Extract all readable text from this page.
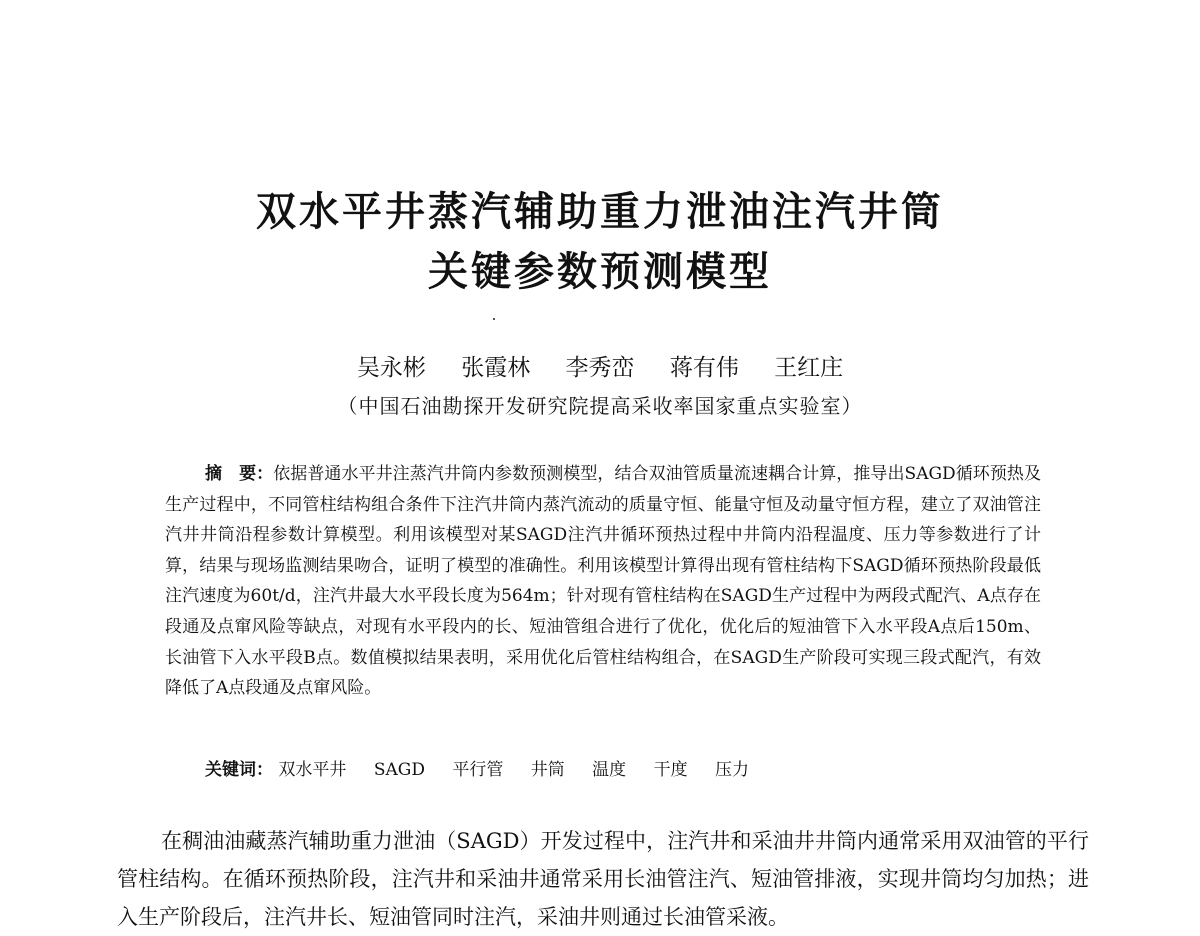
双水平井蒸汽辅助重力泄油注汽井筒
关键参数预测模型
吴永彬 张霞林 李秀峦 蒋有伟 王红庄
（中国石油勘探开发研究院提高采收率国家重点实验室）
摘　要：依据普通水平井注蒸汽井筒内参数预测模型，结合双油管质量流速耦合计算，推导出SAGD循环预热及生产过程中，不同管柱结构组合条件下注汽井筒内蒸汽流动的质量守恒、能量守恒及动量守恒方程，建立了双油管注汽井井筒沿程参数计算模型。利用该模型对某SAGD注汽井循环预热过程中井筒内沿程温度、压力等参数进行了计算，结果与现场监测结果吻合，证明了模型的准确性。利用该模型计算得出现有管柱结构下SAGD循环预热阶段最低注汽速度为60t/d，注汽井最大水平段长度为564m；针对现有管柱结构在SAGD生产过程中为两段式配汽、A点存在段通及点窜风险等缺点，对现有水平段内的长、短油管组合进行了优化，优化后的短油管下入水平段A点后150m、长油管下入水平段B点。数值模拟结果表明，采用优化后管柱结构组合，在SAGD生产阶段可实现三段式配汽，有效降低了A点段通及点窜风险。
关键词： 双水平井 SAGD 平行管 井筒 温度 干度 压力
在稠油油藏蒸汽辅助重力泄油（SAGD）开发过程中，注汽井和采油井井筒内通常采用双油管的平行管柱结构。在循环预热阶段，注汽井和采油井通常采用长油管注汽、短油管排液，实现井筒均匀加热；进入生产阶段后，注汽井长、短油管同时注汽，采油井则通过长油管采液。
